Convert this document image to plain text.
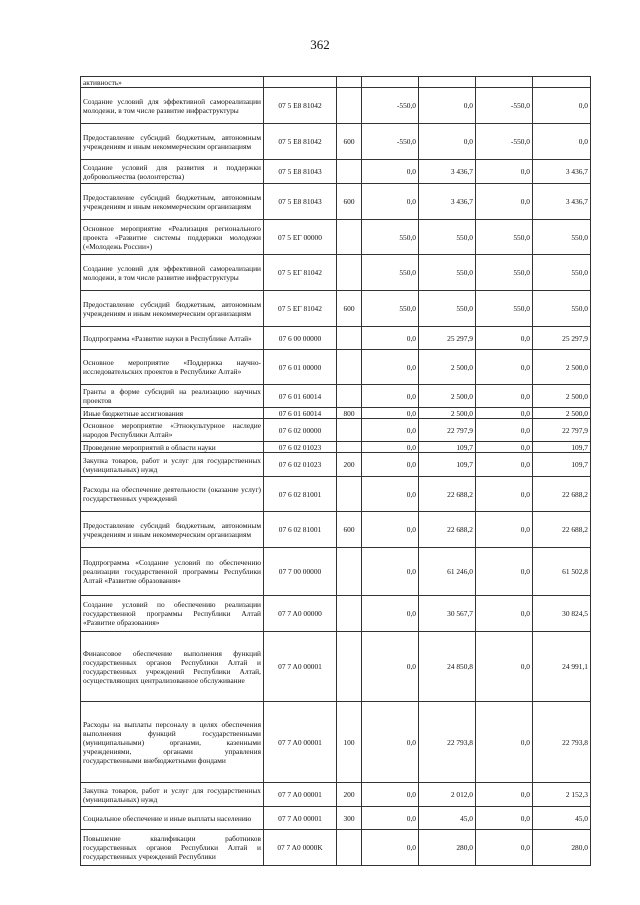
362
активность»						
Создание условий для эффективной самореализации молодежи, в том числе развитие инфраструктуры	07 5 E8 81042		-550,0	0,0	-550,0	0,0
Предоставление субсидий бюджетным, автономным учреждениям и иным некоммерческим организациям	07 5 E8 81042	600	-550,0	0,0	-550,0	0,0
Создание условий для развития и поддержки добровольчества (волонтерства)	07 5 E8 81043		0,0	3 436,7	0,0	3 436,7
Предоставление субсидий бюджетным, автономным учреждениям и иным некоммерческим организациям	07 5 E8 81043	600	0,0	3 436,7	0,0	3 436,7
Основное мероприятие «Реализация регионального проекта «Развитие системы поддержки молодежи («Молодежь России»)	07 5 EГ 00000		550,0	550,0	550,0	550,0
Создание условий для эффективной самореализации молодежи, в том числе развитие инфраструктуры	07 5 EГ 81042		550,0	550,0	550,0	550,0
Предоставление субсидий бюджетным, автономным учреждениям и иным некоммерческим организациям	07 5 EГ 81042	600	550,0	550,0	550,0	550,0
Подпрограмма «Развитие науки в Республике Алтай»	07 6 00 00000		0,0	25 297,9	0,0	25 297,9
Основное мероприятие «Поддержка научно-исследовательских проектов в Республике Алтай»	07 6 01 00000		0,0	2 500,0	0,0	2 500,0
Гранты в форме субсидий на реализацию научных проектов	07 6 01 60014		0,0	2 500,0	0,0	2 500,0
Иные бюджетные ассигнования	07 6 01 60014	800	0,0	2 500,0	0,0	2 500,0
Основное мероприятие «Этнокультурное наследие народов Республики Алтай»	07 6 02 00000		0,0	22 797,9	0,0	22 797,9
Проведение мероприятий в области науки	07 6 02 01023		0,0	109,7	0,0	109,7
Закупка товаров, работ и услуг для государственных (муниципальных) нужд	07 6 02 01023	200	0,0	109,7	0,0	109,7
Расходы на обеспечение деятельности (оказание услуг) государственных учреждений	07 6 02 81001		0,0	22 688,2	0,0	22 688,2
Предоставление субсидий бюджетным, автономным учреждениям и иным некоммерческим организациям	07 6 02 81001	600	0,0	22 688,2	0,0	22 688,2
Подпрограмма «Создание условий по обеспечению реализации государственной программы Республики Алтай «Развитие образования»	07 7 00 00000		0,0	61 246,0	0,0	61 502,8
Создание условий по обеспечению реализации государственной программы Республики Алтай «Развитие образования»	07 7 A0 00000		0,0	30 567,7	0,0	30 824,5
Финансовое обеспечение выполнения функций государственных органов Республики Алтай и государственных учреждений Республики Алтай, осуществляющих централизованное обслуживание	07 7 A0 00001		0,0	24 850,8	0,0	24 991,1
Расходы на выплаты персоналу в целях обеспечения выполнения функций государственными (муниципальными) органами, казенными учреждениями, органами управления государственными внебюджетными фондами	07 7 A0 00001	100	0,0	22 793,8	0,0	22 793,8
Закупка товаров, работ и услуг для государственных (муниципальных) нужд	07 7 A0 00001	200	0,0	2 012,0	0,0	2 152,3
Социальное обеспечение и иные выплаты населению	07 7 A0 00001	300	0,0	45,0	0,0	45,0
Повышение квалификации работников государственных органов Республики Алтай и государственных учреждений Республики	07 7 A0 0000K		0,0	280,0	0,0	280,0
